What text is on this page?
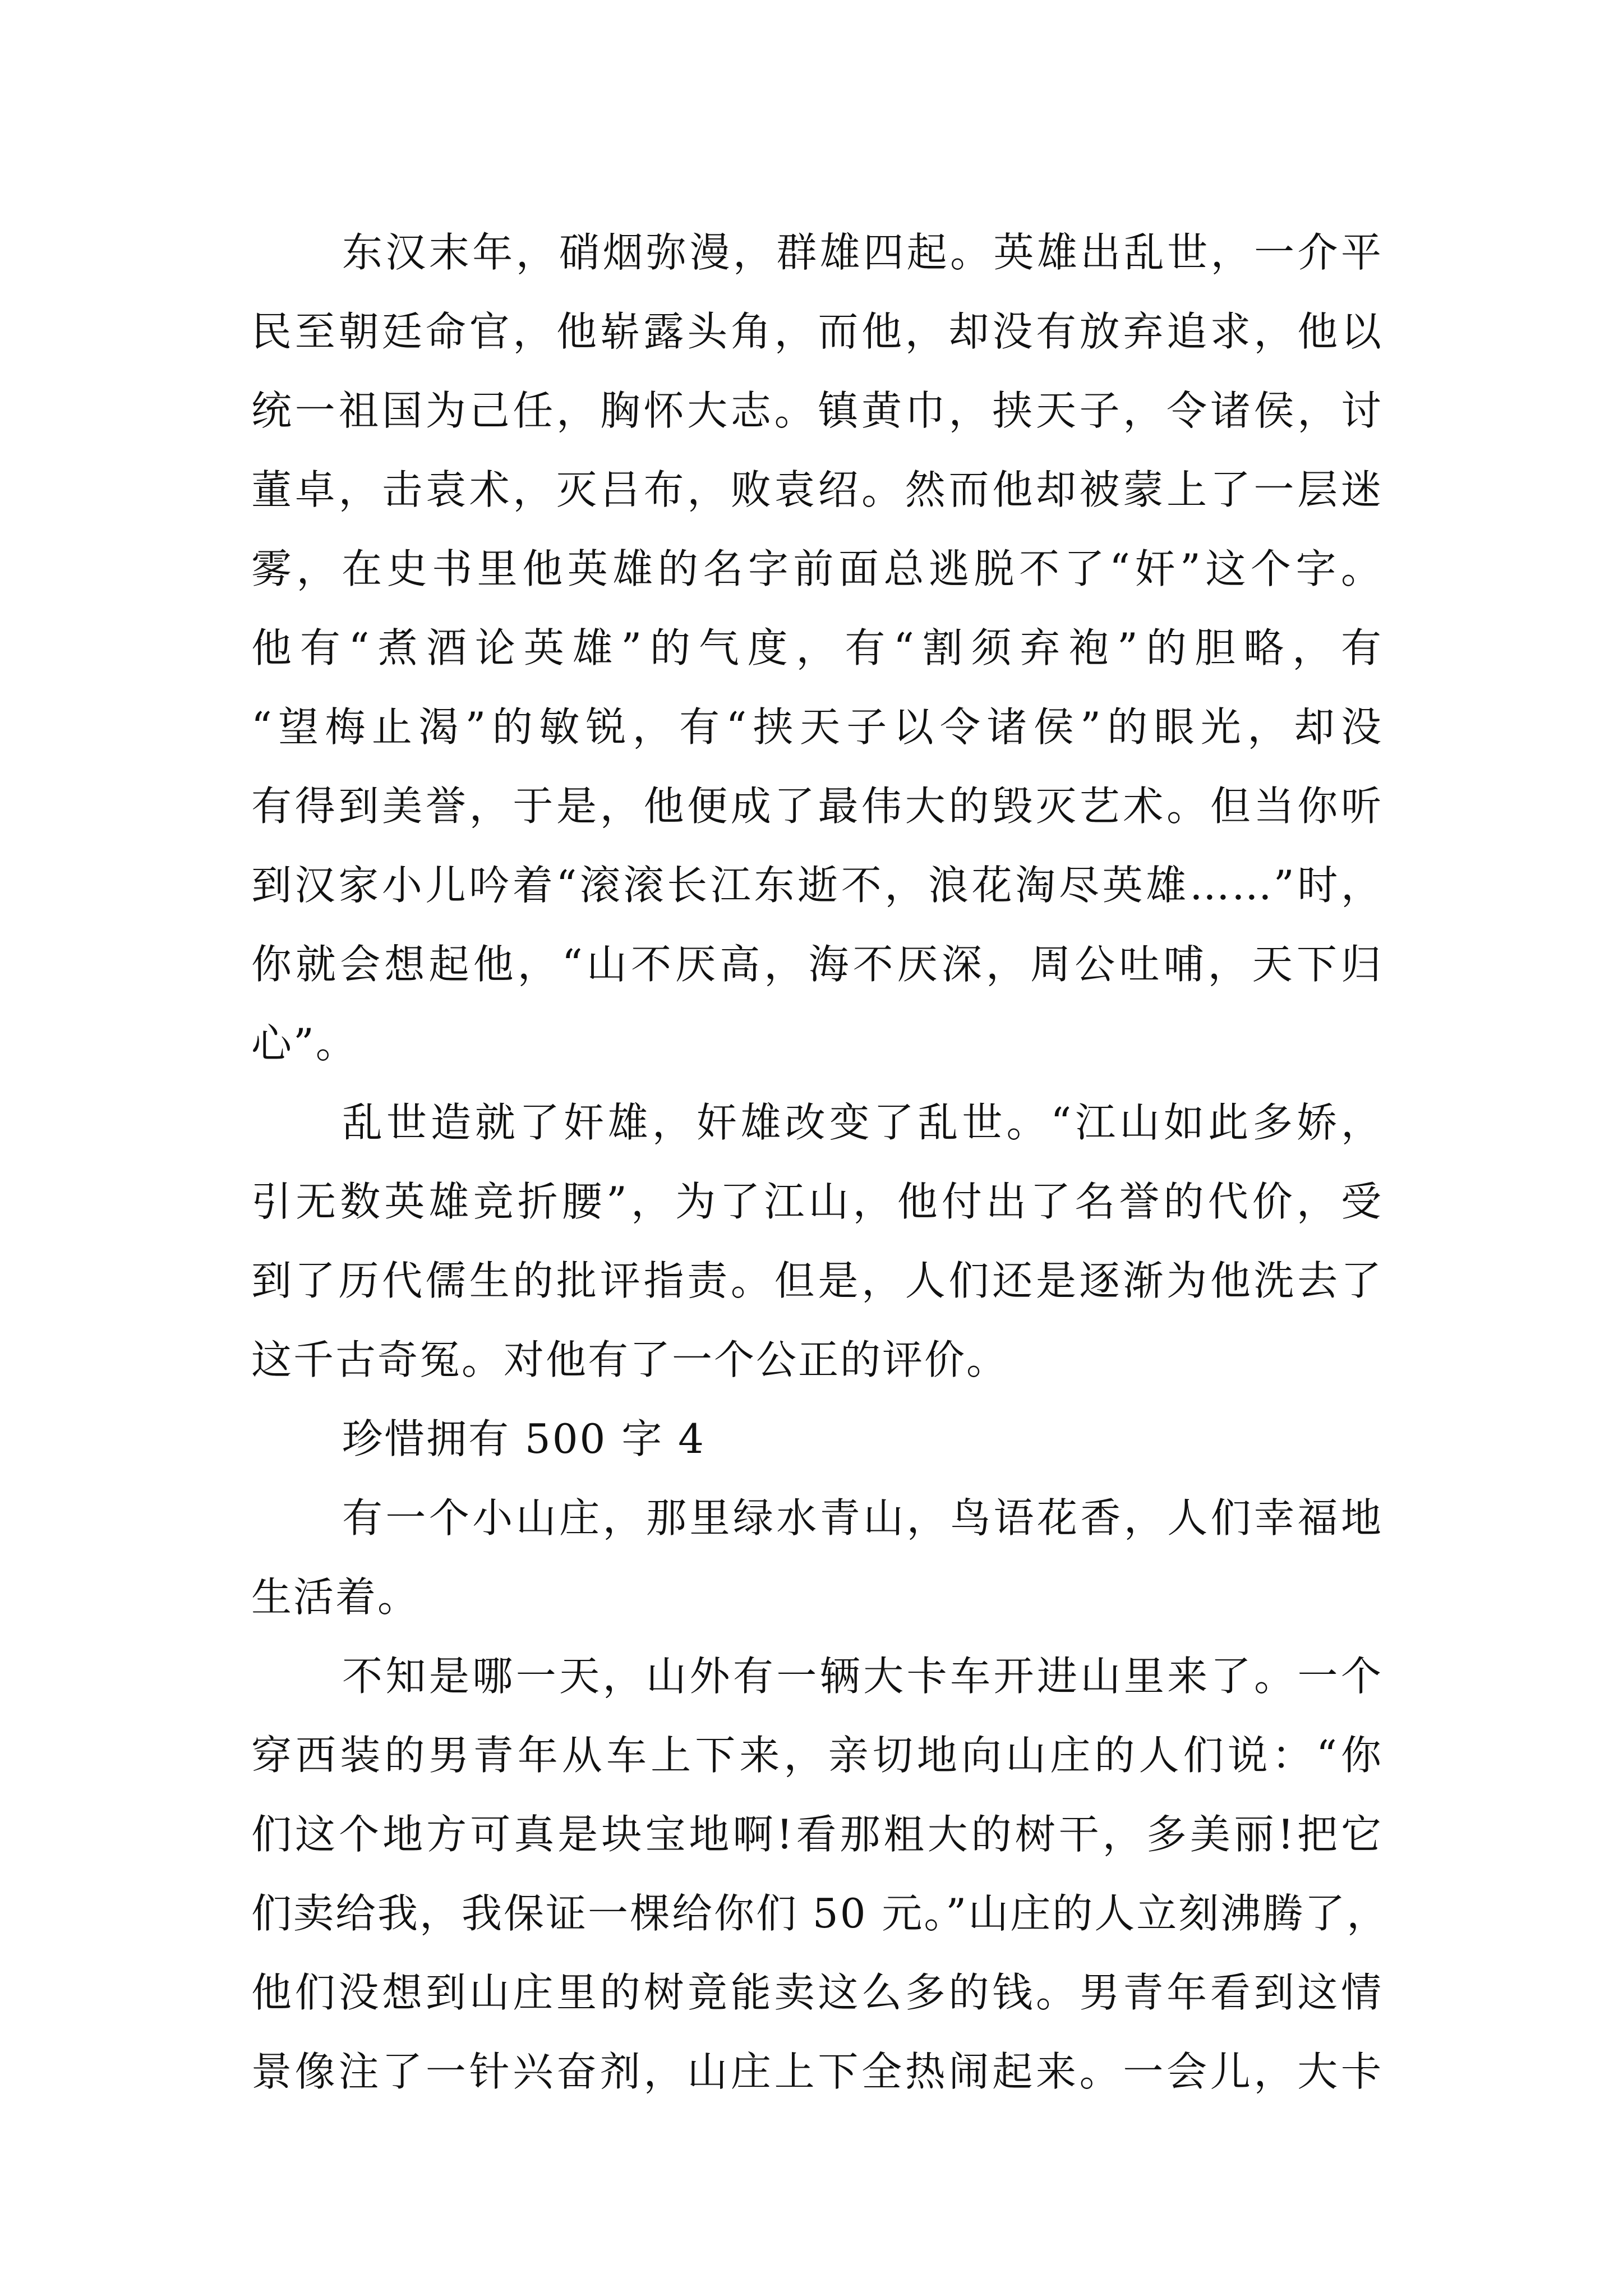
东汉末年，硝烟弥漫，群雄四起。英雄出乱世，一介平
民至朝廷命官，他崭露头角，而他，却没有放弃追求，他以
统一祖国为己任，胸怀大志。镇黄巾，挟天子，令诸侯，讨
董卓，击袁术，灭吕布，败袁绍。然而他却被蒙上了一层迷
雾，在史书里他英雄的名字前面总逃脱不了“奸”这个字。
他有“煮酒论英雄”的气度，有“割须弃袍”的胆略，有
“望梅止渴”的敏锐，有“挟天子以令诸侯”的眼光，却没
有得到美誉，于是，他便成了最伟大的毁灭艺术。但当你听
到汉家小儿吟着“滚滚长江东逝不，浪花淘尽英雄……”时，
你就会想起他，“山不厌高，海不厌深，周公吐哺，天下归
心”。
乱世造就了奸雄，奸雄改变了乱世。“江山如此多娇，
引无数英雄竞折腰”，为了江山，他付出了名誉的代价，受
到了历代儒生的批评指责。但是，人们还是逐渐为他洗去了
这千古奇冤。对他有了一个公正的评价。
珍惜拥有 500 字 4
有一个小山庄，那里绿水青山，鸟语花香，人们幸福地
生活着。
不知是哪一天，山外有一辆大卡车开进山里来了。一个
穿西装的男青年从车上下来，亲切地向山庄的人们说：“你
们这个地方可真是块宝地啊!看那粗大的树干，多美丽!把它
们卖给我，我保证一棵给你们 50 元。”山庄的人立刻沸腾了，
他们没想到山庄里的树竟能卖这么多的钱。男青年看到这情
景像注了一针兴奋剂，山庄上下全热闹起来。一会儿，大卡
